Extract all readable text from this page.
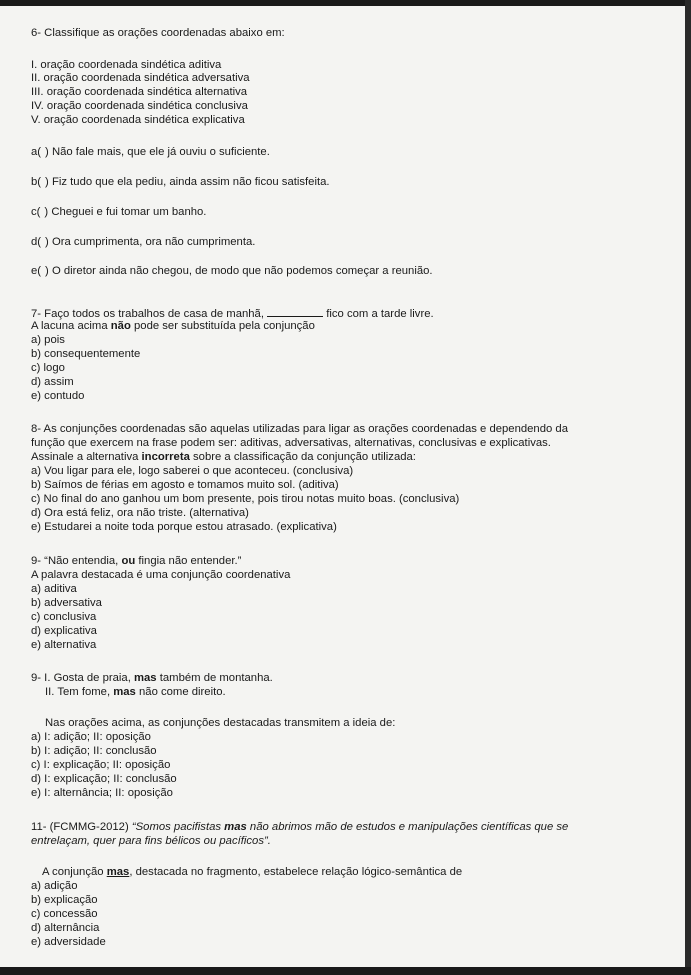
6- Classifique as orações coordenadas abaixo em:
I. oração coordenada sindética aditiva
II. oração coordenada sindética adversativa
III. oração coordenada sindética alternativa
IV. oração coordenada sindética conclusiva
V. oração coordenada sindética explicativa
a( ) Não fale mais, que ele já ouviu o suficiente.
b( ) Fiz tudo que ela pediu, ainda assim não ficou satisfeita.
c( ) Cheguei e fui tomar um banho.
d( ) Ora cumprimenta, ora não cumprimenta.
e( ) O diretor ainda não chegou, de modo que não podemos começar a reunião.
7- Faço todos os trabalhos de casa de manhã,	fico com a tarde livre.
A lacuna acima não pode ser substituída pela conjunção
a) pois
b) consequentemente
c) logo
d) assim
e) contudo
8- As conjunções coordenadas são aquelas utilizadas para ligar as orações coordenadas e dependendo da
função que exercem na frase podem ser: aditivas, adversativas, alternativas, conclusivas e explicativas.
Assinale a alternativa incorreta sobre a classificação da conjunção utilizada:
a) Vou ligar para ele, logo saberei o que aconteceu. (conclusiva)
b) Saímos de férias em agosto e tomamos muito sol. (aditiva)
c) No final do ano ganhou um bom presente, pois tirou notas muito boas. (conclusiva)
d) Ora está feliz, ora não triste. (alternativa)
e) Estudarei a noite toda porque estou atrasado. (explicativa)
9- “Não entendia, ou fingia não entender.”
A palavra destacada é uma conjunção coordenativa
a) aditiva
b) adversativa
c) conclusiva
d) explicativa
e) alternativa
9- I. Gosta de praia, mas também de montanha.
II. Tem fome, mas não come direito.
Nas orações acima, as conjunções destacadas transmitem a ideia de:
a) I: adição; II: oposição
b) I: adição; II: conclusão
c) I: explicação; II: oposição
d) I: explicação; II: conclusão
e) I: alternância; II: oposição
11- (FCMMG-2012) “Somos pacifistas mas não abrimos mão de estudos e manipulações científicas que se
entrelaçam, quer para fins bélicos ou pacíficos”.
A conjunção mas, destacada no fragmento, estabelece relação lógico-semântica de
a) adição
b) explicação
c) concessão
d) alternância
e) adversidade
